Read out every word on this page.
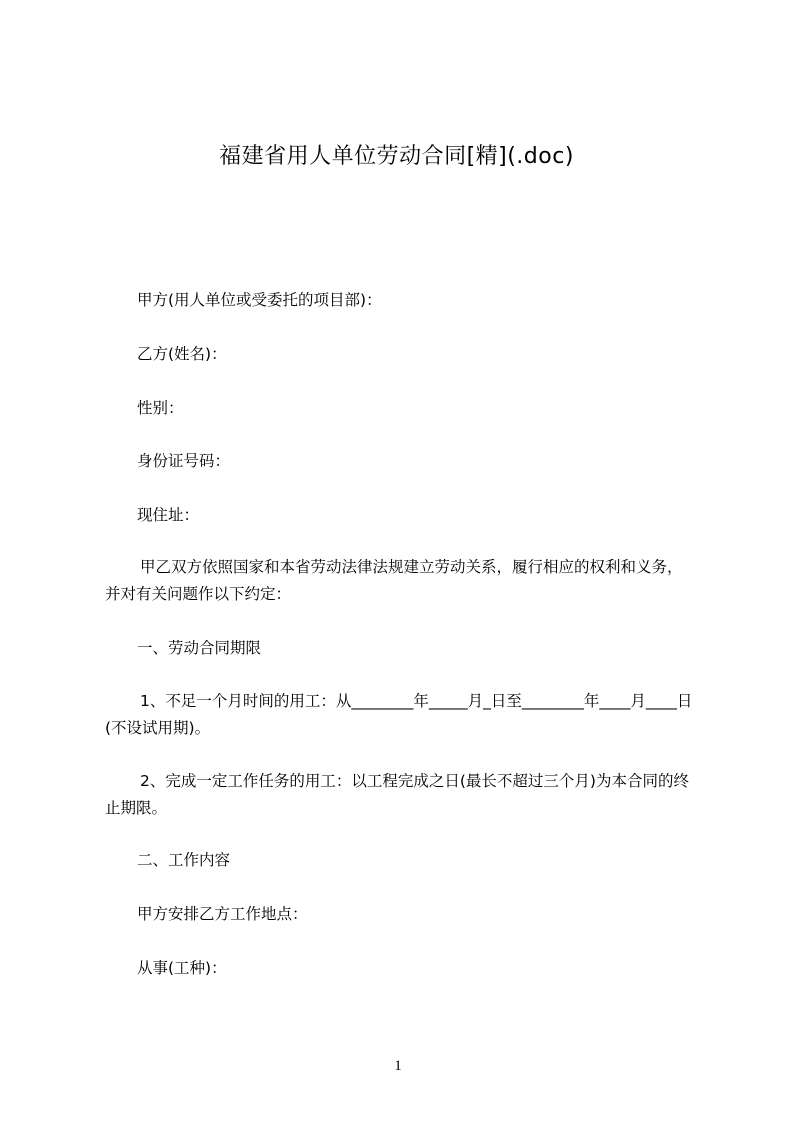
福建省用人单位劳动合同[精](.doc)
甲方(用人单位或受委托的项目部)：
乙方(姓名)：
性别：
身份证号码：
现住址：
甲乙双方依照国家和本省劳动法律法规建立劳动关系，履行相应的权利和义务，
并对有关问题作以下约定：
一、劳动合同期限
1、不足一个月时间的用工：从________年_____月_日至________年____月____日
(不设试用期)。
2、完成一定工作任务的用工：以工程完成之日(最长不超过三个月)为本合同的终
止期限。
二、工作内容
甲方安排乙方工作地点：
从事(工种)：
1
